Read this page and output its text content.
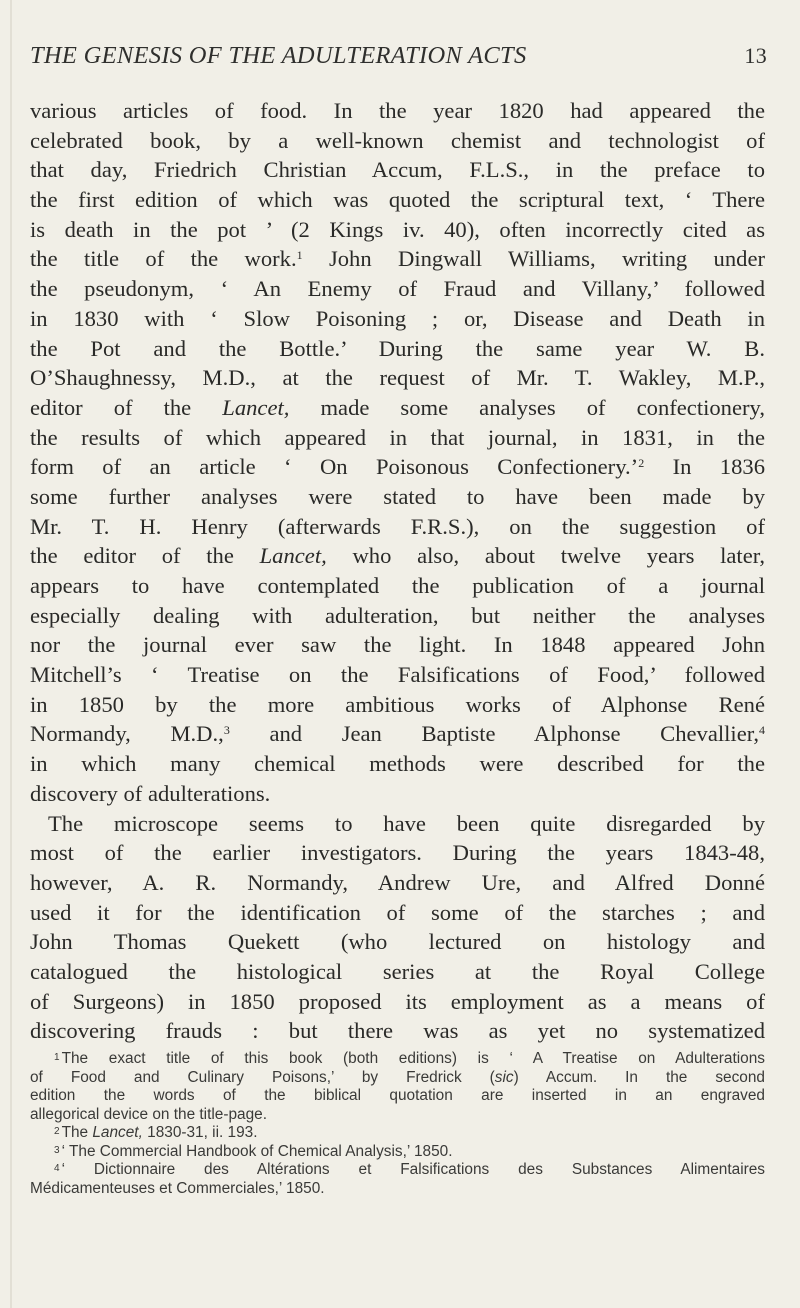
THE GENESIS OF THE ADULTERATION ACTS	13
various articles of food. In the year 1820 had appeared the
celebrated book, by a well-known chemist and technologist of
that day, Friedrich Christian Accum, F.L.S., in the preface to
the first edition of which was quoted the scriptural text, ‘ There
is death in the pot ’ (2 Kings iv. 40), often incorrectly cited as
the title of the work.$^1$ John Dingwall Williams, writing under
the pseudonym, ‘ An Enemy of Fraud and Villany,’ followed
in 1830 with ‘ Slow Poisoning ; or, Disease and Death in
the Pot and the Bottle.’ During the same year W. B.
O’Shaughnessy, M.D., at the request of Mr. T. Wakley, M.P.,
editor of the Lancet, made some analyses of confectionery,
the results of which appeared in that journal, in 1831, in the
form of an article ‘ On Poisonous Confectionery.’$^2$ In 1836
some further analyses were stated to have been made by
Mr. T. H. Henry (afterwards F.R.S.), on the suggestion of
the editor of the Lancet, who also, about twelve years later,
appears to have contemplated the publication of a journal
especially dealing with adulteration, but neither the analyses
nor the journal ever saw the light. In 1848 appeared John
Mitchell’s ‘ Treatise on the Falsifications of Food,’ followed
in 1850 by the more ambitious works of Alphonse René
Normandy, M.D.,$^3$ and Jean Baptiste Alphonse Chevallier,$^4$
in which many chemical methods were described for the
discovery of adulterations.
The microscope seems to have been quite disregarded by
most of the earlier investigators. During the years 1843-48,
however, A. R. Normandy, Andrew Ure, and Alfred Donné
used it for the identification of some of the starches ; and
John Thomas Quekett (who lectured on histology and
catalogued the histological series at the Royal College
of Surgeons) in 1850 proposed its employment as a means of
discovering frauds : but there was as yet no systematized
$^1$ The exact title of this book (both editions) is ‘ A Treatise on Adulterations
of Food and Culinary Poisons,’ by Fredrick (sic) Accum. In the second
edition the words of the biblical quotation are inserted in an engraved
allegorical device on the title-page.
$^2$ The Lancet, 1830-31, ii. 193.
$^3$ ‘ The Commercial Handbook of Chemical Analysis,’ 1850.
$^4$ ‘ Dictionnaire des Altérations et Falsifications des Substances Alimentaires
Médicamenteuses et Commerciales,’ 1850.
